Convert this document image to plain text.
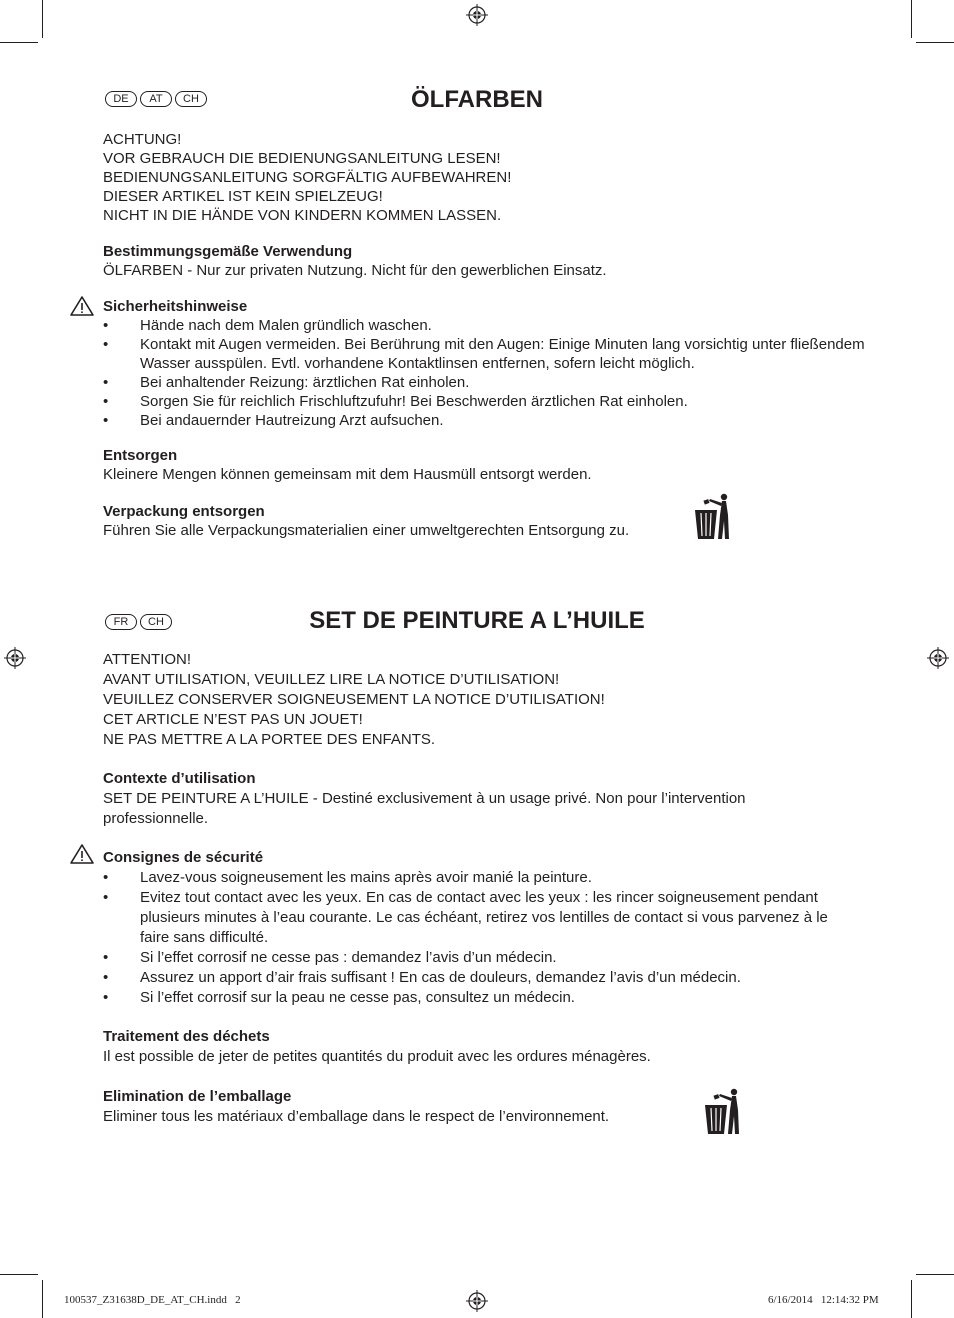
DE	AT	CH	ÖLFARBEN
ACHTUNG!
VOR GEBRAUCH DIE BEDIENUNGSANLEITUNG LESEN!
BEDIENUNGSANLEITUNG SORGFÄLTIG AUFBEWAHREN!
DIESER ARTIKEL IST KEIN SPIELZEUG!
NICHT IN DIE HÄNDE VON KINDERN KOMMEN LASSEN.
Bestimmungsgemäße Verwendung
ÖLFARBEN - Nur zur privaten Nutzung. Nicht für den gewerblichen Einsatz.
Sicherheitshinweise
• Hände nach dem Malen gründlich waschen.
• Kontakt mit Augen vermeiden. Bei Berührung mit den Augen: Einige Minuten lang vorsichtig unter fließendem Wasser ausspülen. Evtl. vorhandene Kontaktlinsen entfernen, sofern leicht möglich.
• Bei anhaltender Reizung: ärztlichen Rat einholen.
• Sorgen Sie für reichlich Frischluftzufuhr! Bei Beschwerden ärztlichen Rat einholen.
• Bei andauernder Hautreizung Arzt aufsuchen.
Entsorgen
Kleinere Mengen können gemeinsam mit dem Hausmüll entsorgt werden.
Verpackung entsorgen
Führen Sie alle Verpackungsmaterialien einer umweltgerechten Entsorgung zu.
FR	CH	SET DE PEINTURE A L’HUILE
ATTENTION!
AVANT UTILISATION, VEUILLEZ LIRE LA NOTICE D’UTILISATION!
VEUILLEZ CONSERVER SOIGNEUSEMENT LA NOTICE D’UTILISATION!
CET ARTICLE N’EST PAS UN JOUET!
NE PAS METTRE A LA PORTEE DES ENFANTS.
Contexte d’utilisation
SET DE PEINTURE A L’HUILE - Destiné exclusivement à un usage privé. Non pour l’intervention professionnelle.
Consignes de sécurité
• Lavez-vous soigneusement les mains après avoir manié la peinture.
• Evitez tout contact avec les yeux. En cas de contact avec les yeux : les rincer soigneusement pendant plusieurs minutes à l’eau courante. Le cas échéant, retirez vos lentilles de contact si vous parvenez à le faire sans difficulté.
• Si l’effet corrosif ne cesse pas : demandez l’avis d’un médecin.
• Assurez un apport d’air frais suffisant ! En cas de douleurs, demandez l’avis d’un médecin.
• Si l’effet corrosif sur la peau ne cesse pas, consultez un médecin.
Traitement des déchets
Il est possible de jeter de petites quantités du produit avec les ordures ménagères.
Elimination de l’emballage
Eliminer tous les matériaux d’emballage dans le respect de l’environnement.
100537_Z31638D_DE_AT_CH.indd   2	6/16/2014   12:14:32 PM
